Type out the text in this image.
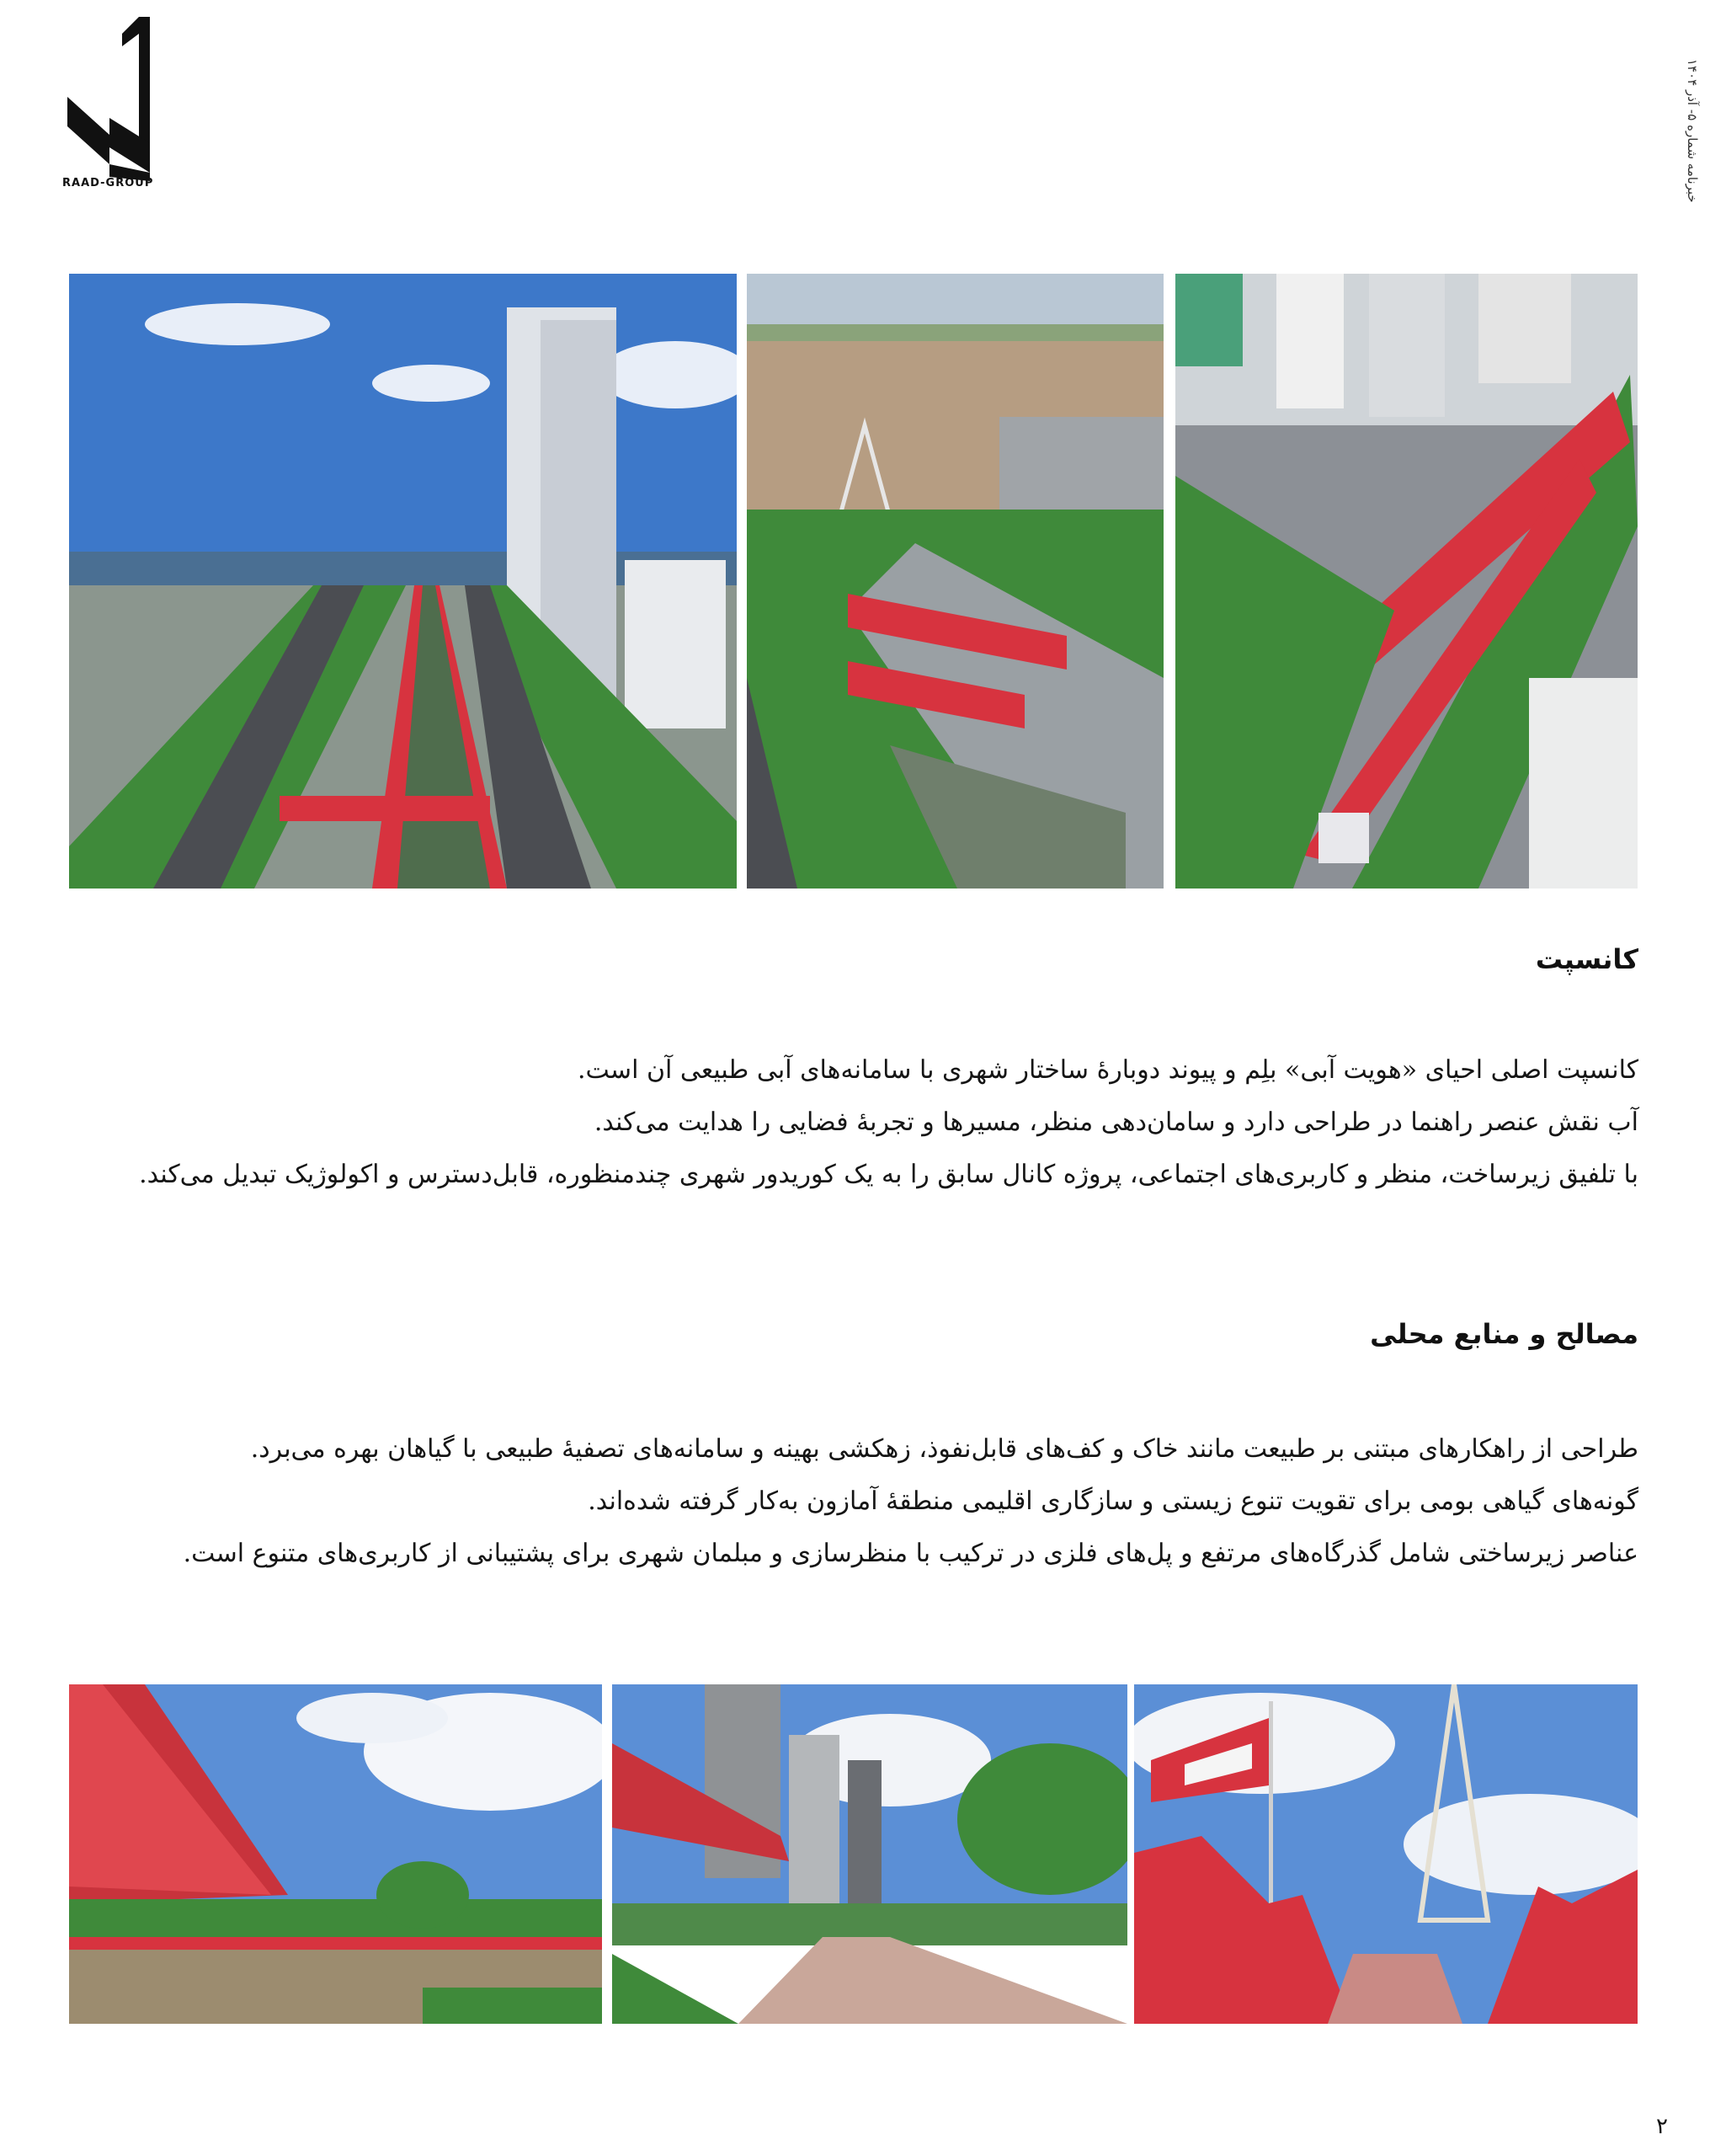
RAAD-GROUP
خبرنامه شماره ۵- آذر ۱۴۰۴
کانسپت
کانسپت اصلی احیای «هویت آبی» بلِم و پیوند دوبارهٔ ساختار شهری با سامانه‌های آبی طبیعی آن است.
آب نقش عنصر راهنما در طراحی دارد و سامان‌دهی منظر، مسیرها و تجربهٔ فضایی را هدایت می‌کند.
با تلفیق زیرساخت، منظر و کاربری‌های اجتماعی، پروژه کانال سابق را به یک کوریدور شهری چندمنظوره، قابل‌دسترس و اکولوژیک تبدیل می‌کند.
مصالح و منابع محلی
طراحی از راهکارهای مبتنی بر طبیعت مانند خاک و کف‌های قابل‌نفوذ، زهکشی بهینه و سامانه‌های تصفیهٔ طبیعی با گیاهان بهره می‌برد.
گونه‌های گیاهی بومی برای تقویت تنوع زیستی و سازگاری اقلیمی منطقهٔ آمازون به‌کار گرفته شده‌اند.
عناصر زیرساختی شامل گذرگاه‌های مرتفع و پل‌های فلزی در ترکیب با منظرسازی و مبلمان شهری برای پشتیبانی از کاربری‌های متنوع است.
۲
